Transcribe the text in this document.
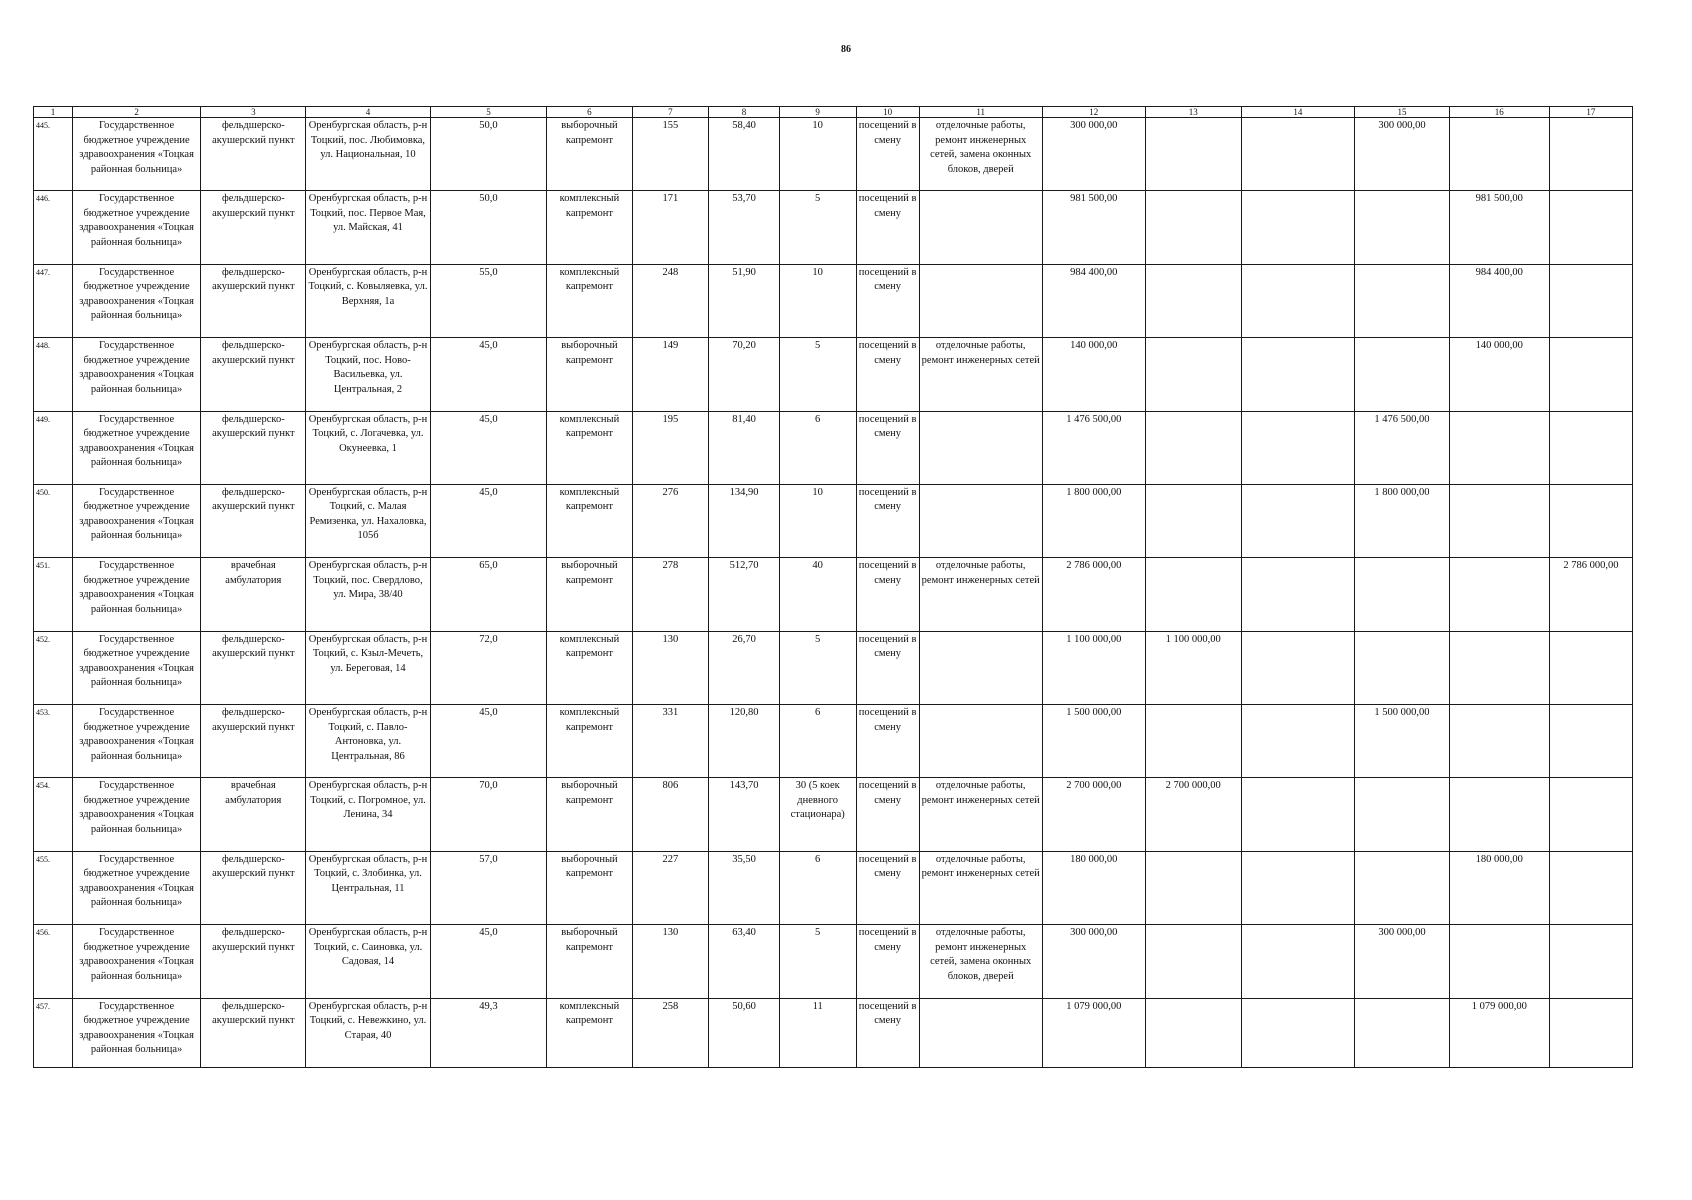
86
1	2	3	4	5	6	7	8	9	10	11	12	13	14	15	16	17
445.	Государственное бюджетное учреждение здравоохранения «Тоцкая районная больница»	фельдшерско-акушерский пункт	Оренбургская область, р-н Тоцкий, пос. Любимовка, ул. Национальная, 10	50,0	выборочный капремонт	155	58,40	10	посещений в смену	отделочные работы, ремонт инженерных сетей, замена оконных блоков, дверей	300 000,00			300 000,00		
446.	Государственное бюджетное учреждение здравоохранения «Тоцкая районная больница»	фельдшерско-акушерский пункт	Оренбургская область, р-н Тоцкий, пос. Первое Мая, ул. Майская, 41	50,0	комплексный капремонт	171	53,70	5	посещений в смену		981 500,00				981 500,00	
447.	Государственное бюджетное учреждение здравоохранения «Тоцкая районная больница»	фельдшерско-акушерский пункт	Оренбургская область, р-н Тоцкий, с. Ковыляевка, ул. Верхняя, 1а	55,0	комплексный капремонт	248	51,90	10	посещений в смену		984 400,00				984 400,00	
448.	Государственное бюджетное учреждение здравоохранения «Тоцкая районная больница»	фельдшерско-акушерский пункт	Оренбургская область, р-н Тоцкий, пос. Ново-Васильевка, ул. Центральная, 2	45,0	выборочный капремонт	149	70,20	5	посещений в смену	отделочные работы, ремонт инженерных сетей	140 000,00				140 000,00	
449.	Государственное бюджетное учреждение здравоохранения «Тоцкая районная больница»	фельдшерско-акушерский пункт	Оренбургская область, р-н Тоцкий, с. Логачевка, ул. Окунеевка, 1	45,0	комплексный капремонт	195	81,40	6	посещений в смену		1 476 500,00			1 476 500,00		
450.	Государственное бюджетное учреждение здравоохранения «Тоцкая районная больница»	фельдшерско-акушерский пункт	Оренбургская область, р-н Тоцкий, с. Малая Ремизенка, ул. Нахаловка, 105б	45,0	комплексный капремонт	276	134,90	10	посещений в смену		1 800 000,00			1 800 000,00		
451.	Государственное бюджетное учреждение здравоохранения «Тоцкая районная больница»	врачебная амбулатория	Оренбургская область, р-н Тоцкий, пос. Свердлово, ул. Мира, 38/40	65,0	выборочный капремонт	278	512,70	40	посещений в смену	отделочные работы, ремонт инженерных сетей	2 786 000,00					2 786 000,00
452.	Государственное бюджетное учреждение здравоохранения «Тоцкая районная больница»	фельдшерско-акушерский пункт	Оренбургская область, р-н Тоцкий, с. Кзыл-Мечеть, ул. Береговая, 14	72,0	комплексный капремонт	130	26,70	5	посещений в смену		1 100 000,00	1 100 000,00				
453.	Государственное бюджетное учреждение здравоохранения «Тоцкая районная больница»	фельдшерско-акушерский пункт	Оренбургская область, р-н Тоцкий, с. Павло-Антоновка, ул. Центральная, 86	45,0	комплексный капремонт	331	120,80	6	посещений в смену		1 500 000,00			1 500 000,00		
454.	Государственное бюджетное учреждение здравоохранения «Тоцкая районная больница»	врачебная амбулатория	Оренбургская область, р-н Тоцкий, с. Погромное, ул. Ленина, 34	70,0	выборочный капремонт	806	143,70	30 (5 коек дневного стационара)	посещений в смену	отделочные работы, ремонт инженерных сетей	2 700 000,00	2 700 000,00				
455.	Государственное бюджетное учреждение здравоохранения «Тоцкая районная больница»	фельдшерско-акушерский пункт	Оренбургская область, р-н Тоцкий, с. Злобинка, ул. Центральная, 11	57,0	выборочный капремонт	227	35,50	6	посещений в смену	отделочные работы, ремонт инженерных сетей	180 000,00				180 000,00	
456.	Государственное бюджетное учреждение здравоохранения «Тоцкая районная больница»	фельдшерско-акушерский пункт	Оренбургская область, р-н Тоцкий, с. Саиновка, ул. Садовая, 14	45,0	выборочный капремонт	130	63,40	5	посещений в смену	отделочные работы, ремонт инженерных сетей, замена оконных блоков, дверей	300 000,00			300 000,00		
457.	Государственное бюджетное учреждение здравоохранения «Тоцкая районная больница»	фельдшерско-акушерский пункт	Оренбургская область, р-н Тоцкий, с. Невежкино, ул. Старая, 40	49,3	комплексный капремонт	258	50,60	11	посещений в смену		1 079 000,00				1 079 000,00	
